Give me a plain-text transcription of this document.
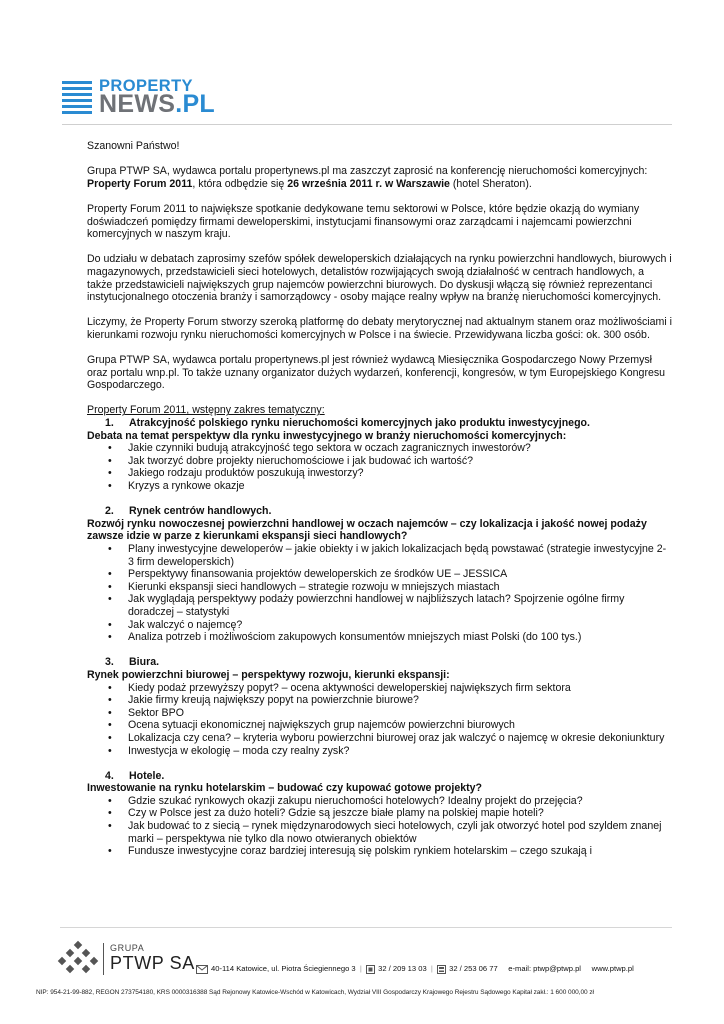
PROPERTY
NEWS.PL

Szanowni Państwo!

Grupa PTWP SA, wydawca portalu propertynews.pl ma zaszczyt zaprosić na konferencję nieruchomości komercyjnych: Property Forum 2011, która odbędzie się 26 września 2011 r. w Warszawie (hotel Sheraton).

Property Forum 2011 to największe spotkanie dedykowane temu sektorowi w Polsce, które będzie okazją do wymiany doświadczeń pomiędzy firmami deweloperskimi, instytucjami finansowymi oraz zarządcami i najemcami powierzchni komercyjnych w naszym kraju.

Do udziału w debatach zaprosimy szefów spółek deweloperskich działających na rynku powierzchni handlowych, biurowych i magazynowych, przedstawicieli sieci hotelowych, detalistów rozwijających swoją działalność w centrach handlowych, a także przedstawicieli największych grup najemców powierzchni biurowych. Do dyskusji włączą się również reprezentanci instytucjonalnego otoczenia branży i samorządowcy - osoby mające realny wpływ na branżę nieruchomości komercyjnych.

Liczymy, że Property Forum stworzy szeroką platformę do debaty merytorycznej nad aktualnym stanem oraz możliwościami i kierunkami rozwoju rynku nieruchomości komercyjnych w Polsce i na świecie. Przewidywana liczba gości: ok. 300 osób.

Grupa PTWP SA, wydawca portalu propertynews.pl jest również wydawcą Miesięcznika Gospodarczego Nowy Przemysł oraz portalu wnp.pl. To także uznany organizator dużych wydarzeń, konferencji, kongresów, w tym Europejskiego Kongresu Gospodarczego.

Property Forum 2011, wstępny zakres tematyczny:
1. Atrakcyjność polskiego rynku nieruchomości komercyjnych jako produktu inwestycyjnego.
Debata na temat perspektyw dla rynku inwestycyjnego w branży nieruchomości komercyjnych:
• Jakie czynniki budują atrakcyjność tego sektora w oczach zagranicznych inwestorów?
• Jak tworzyć dobre projekty nieruchomościowe i jak budować ich wartość?
• Jakiego rodzaju produktów poszukują inwestorzy?
• Kryzys a rynkowe okazje
2. Rynek centrów handlowych.
Rozwój rynku nowoczesnej powierzchni handlowej w oczach najemców – czy lokalizacja i jakość nowej podaży zawsze idzie w parze z kierunkami ekspansji sieci handlowych?
• Plany inwestycyjne deweloperów – jakie obiekty i w jakich lokalizacjach będą powstawać (strategie inwestycyjne 2-3 firm deweloperskich)
• Perspektywy finansowania projektów deweloperskich ze środków UE – JESSICA
• Kierunki ekspansji sieci handlowych – strategie rozwoju w mniejszych miastach
• Jak wyglądają perspektywy podaży powierzchni handlowej w najbliższych latach? Spojrzenie ogólne firmy doradczej – statystyki
• Jak walczyć o najemcę?
• Analiza potrzeb i możliwościom zakupowych konsumentów mniejszych miast Polski (do 100 tys.)
3. Biura.
Rynek powierzchni biurowej – perspektywy rozwoju, kierunki ekspansji:
• Kiedy podaż przewyższy popyt? – ocena aktywności deweloperskiej największych firm sektora
• Jakie firmy kreują największy popyt na powierzchnie biurowe?
• Sektor BPO
• Ocena sytuacji ekonomicznej największych grup najemców powierzchni biurowych
• Lokalizacja czy cena? – kryteria wyboru powierzchni biurowej oraz jak walczyć o najemcę w okresie dekoniunktury
• Inwestycja w ekologię – moda czy realny zysk?
4. Hotele.
Inwestowanie na rynku hotelarskim – budować czy kupować gotowe projekty?
• Gdzie szukać rynkowych okazji zakupu nieruchomości hotelowych? Idealny projekt do przejęcia?
• Czy w Polsce jest za dużo hoteli? Gdzie są jeszcze białe plamy na polskiej mapie hoteli?
• Jak budować to z siecią – rynek międzynarodowych sieci hotelowych, czyli jak otworzyć hotel pod szyldem znanej marki – perspektywa nie tylko dla nowo otwieranych obiektów
• Fundusze inwestycyjne coraz bardziej interesują się polskim rynkiem hotelarskim – czego szukają i
GRUPA
PTWP SA	40-114 Katowice, ul. Piotra Ściegiennego 3  |  32 / 209 13 03  |  32 / 253 06 77 e-mail: ptwp@ptwp.pl www.ptwp.pl
NIP: 954-21-99-882, REGON 273754180, KRS 0000316388 Sąd Rejonowy Katowice-Wschód w Katowicach, Wydział VIII Gospodarczy Krajowego Rejestru Sądowego Kapitał zakł.: 1 600 000,00 zł
